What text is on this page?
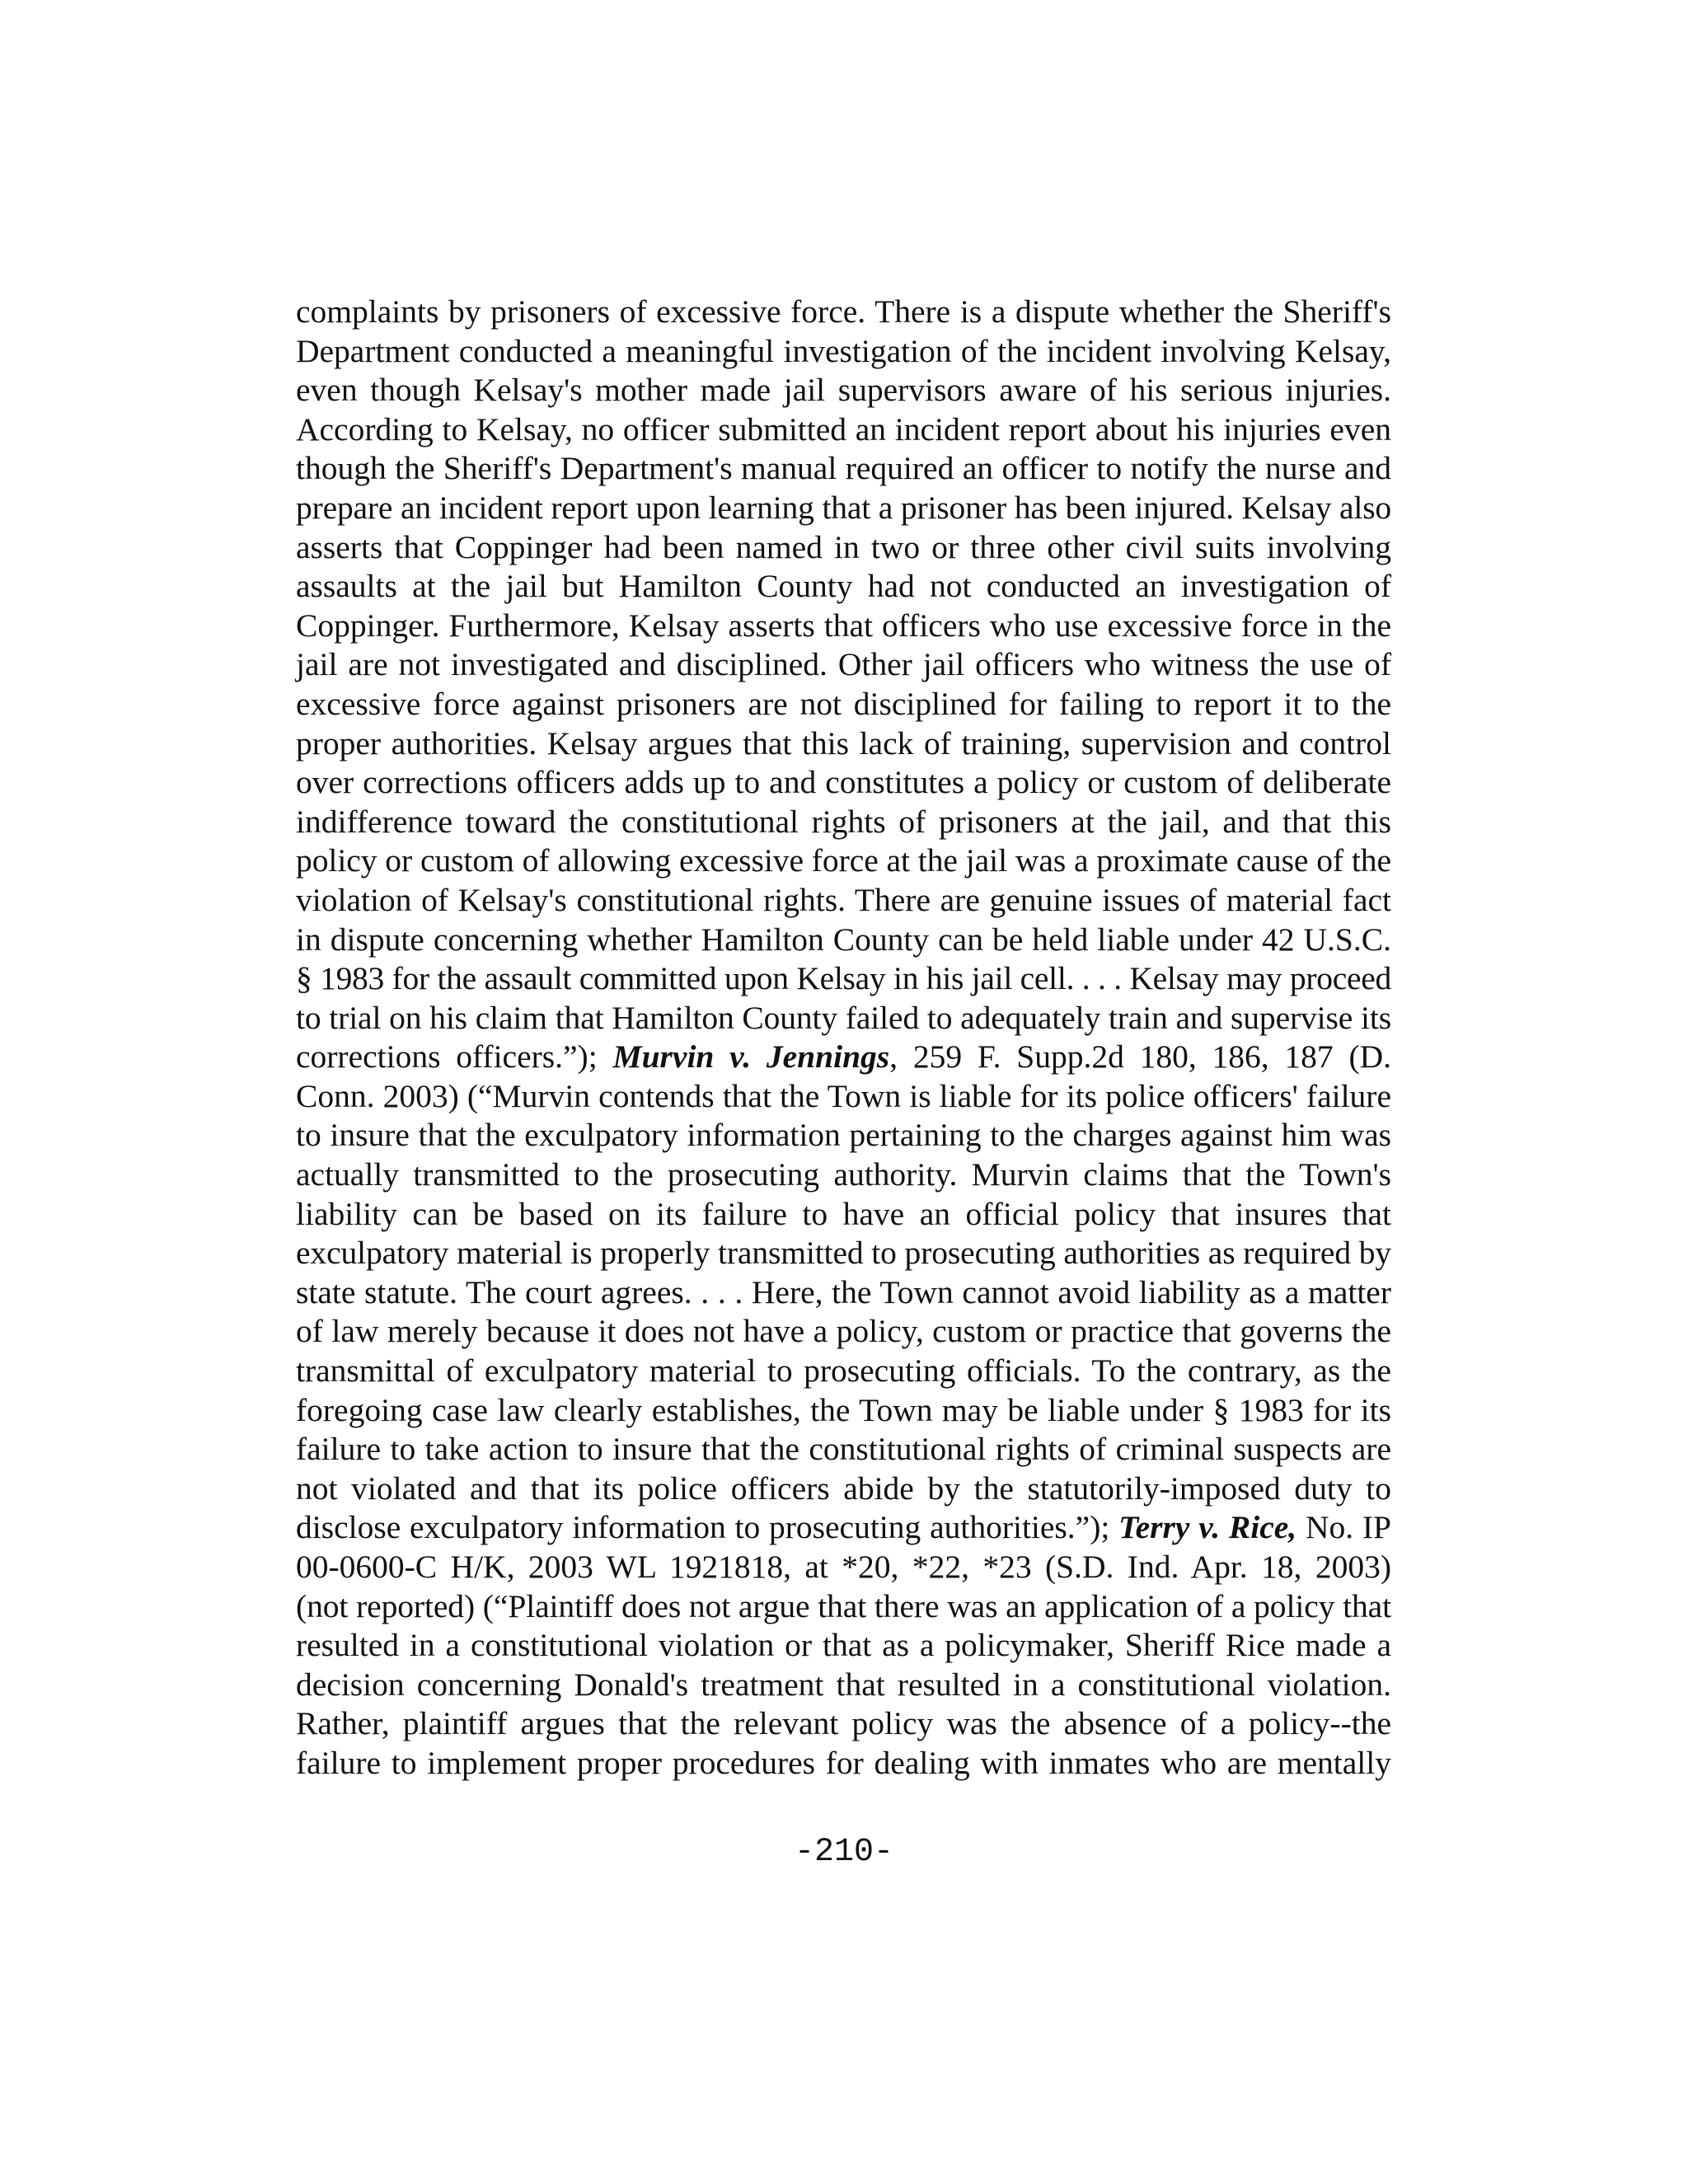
complaints by prisoners of excessive force. There is a dispute whether the Sheriff's
Department conducted a meaningful investigation of the incident involving Kelsay,
even though Kelsay's mother made jail supervisors aware of his serious injuries.
According to Kelsay, no officer submitted an incident report about his injuries even
though the Sheriff's Department's manual required an officer to notify the nurse and
prepare an incident report upon learning that a prisoner has been injured. Kelsay also
asserts that Coppinger had been named in two or three other civil suits involving
assaults at the jail but Hamilton County had not conducted an investigation of
Coppinger. Furthermore, Kelsay asserts that officers who use excessive force in the
jail are not investigated and disciplined. Other jail officers who witness the use of
excessive force against prisoners are not disciplined for failing to report it to the
proper authorities. Kelsay argues that this lack of training, supervision and control
over corrections officers adds up to and constitutes a policy or custom of deliberate
indifference toward the constitutional rights of prisoners at the jail, and that this
policy or custom of allowing excessive force at the jail was a proximate cause of the
violation of Kelsay's constitutional rights. There are genuine issues of material fact
in dispute concerning whether Hamilton County can be held liable under 42 U.S.C.
§ 1983 for the assault committed upon Kelsay in his jail cell. . . . Kelsay may proceed
to trial on his claim that Hamilton County failed to adequately train and supervise its
corrections officers.”); Murvin v. Jennings, 259 F. Supp.2d 180, 186, 187 (D.
Conn. 2003) (“Murvin contends that the Town is liable for its police officers' failure
to insure that the exculpatory information pertaining to the charges against him was
actually transmitted to the prosecuting authority. Murvin claims that the Town's
liability can be based on its failure to have an official policy that insures that
exculpatory material is properly transmitted to prosecuting authorities as required by
state statute. The court agrees. . . . Here, the Town cannot avoid liability as a matter
of law merely because it does not have a policy, custom or practice that governs the
transmittal of exculpatory material to prosecuting officials. To the contrary, as the
foregoing case law clearly establishes, the Town may be liable under § 1983 for its
failure to take action to insure that the constitutional rights of criminal suspects are
not violated and that its police officers abide by the statutorily-imposed duty to
disclose exculpatory information to prosecuting authorities.”); Terry v. Rice, No. IP
00-0600-C H/K, 2003 WL 1921818, at *20, *22, *23 (S.D. Ind. Apr. 18, 2003)
(not reported) (“Plaintiff does not argue that there was an application of a policy that
resulted in a constitutional violation or that as a policymaker, Sheriff Rice made a
decision concerning Donald's treatment that resulted in a constitutional violation.
Rather, plaintiff argues that the relevant policy was the absence of a policy--the
failure to implement proper procedures for dealing with inmates who are mentally

-210-
